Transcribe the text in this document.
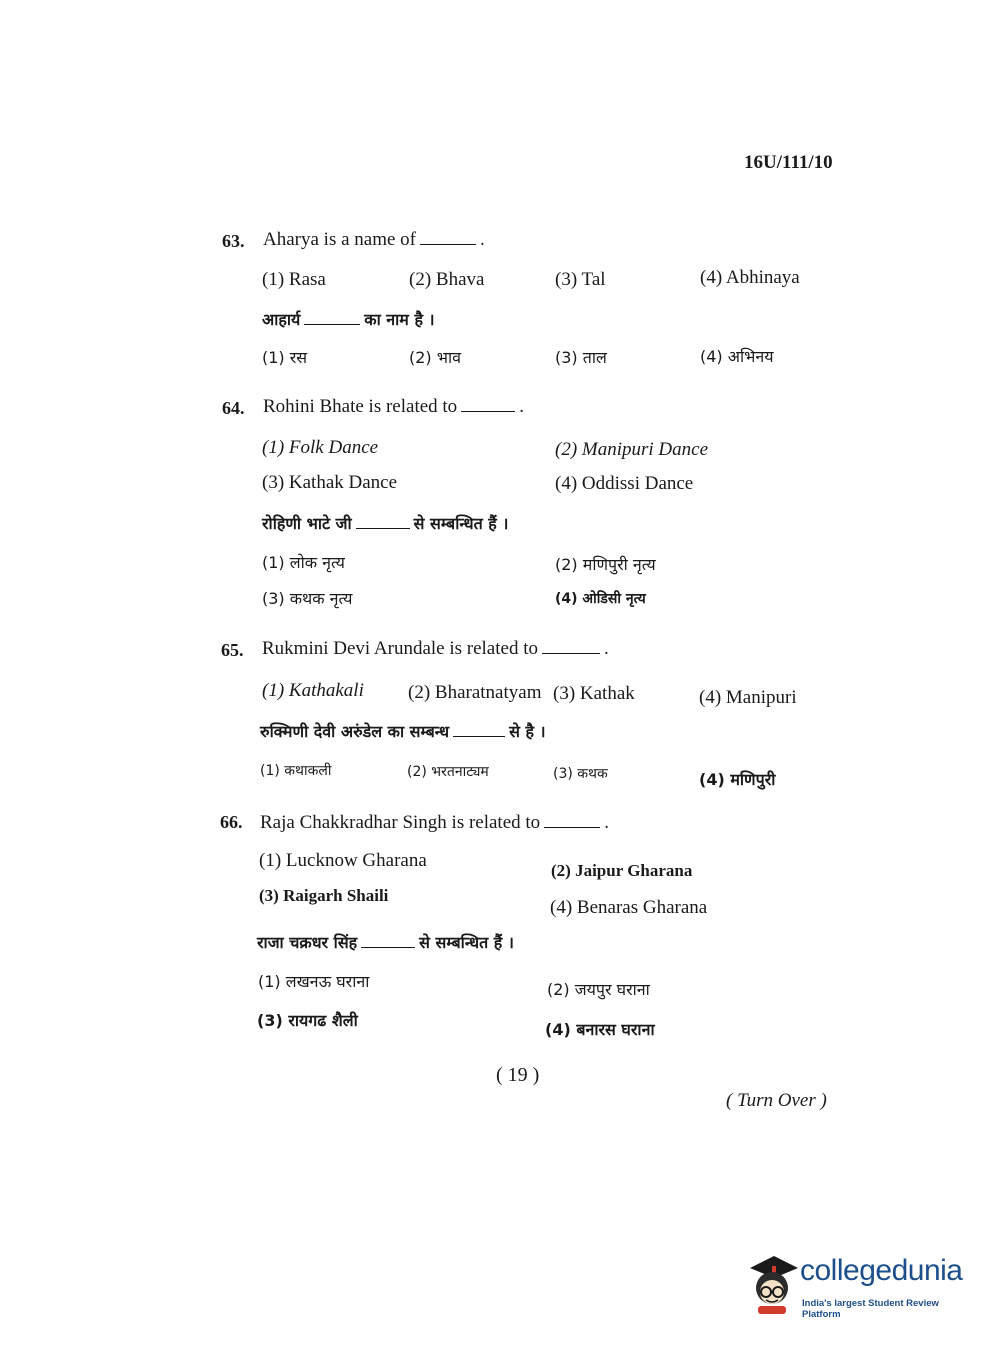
16U/111/10
63. Aharya is a name of	.
(1) Rasa	(2) Bhava	(3) Tal	(4) Abhinaya
आहार्य	का नाम है ।
(1) रस	(2) भाव	(3) ताल	(4) अभिनय
64. Rohini Bhate is related to	.
(1) Folk Dance	(2) Manipuri Dance
(3) Kathak Dance	(4) Oddissi Dance
रोहिणी भाटे जी	से सम्बन्धित हैं ।
(1) लोक नृत्य	(2) मणिपुरी नृत्य
(3) कथक नृत्य	(4) ओडिसी नृत्य
65. Rukmini Devi Arundale is related to	.
(1) Kathakali (2) Bharatnatyam (3) Kathak	(4) Manipuri
रुक्मिणी देवी अरुंडेल का सम्बन्ध	से है ।
(1) कथाकली	(2) भरतनाट्यम	(3) कथक	(4) मणिपुरी
66. Raja Chakkradhar Singh is related to	.
(1) Lucknow Gharana	(2) Jaipur Gharana
(3) Raigarh Shaili
(4) Benaras Gharana
राजा चक्रधर सिंह	से सम्बन्धित हैं ।
(1) लखनऊ घराना	(2) जयपुर घराना
(3) रायगढ शैली	(4) बनारस घराना
( 19 )
( Turn Over )
collegedunia
India's largest Student Review Platform
